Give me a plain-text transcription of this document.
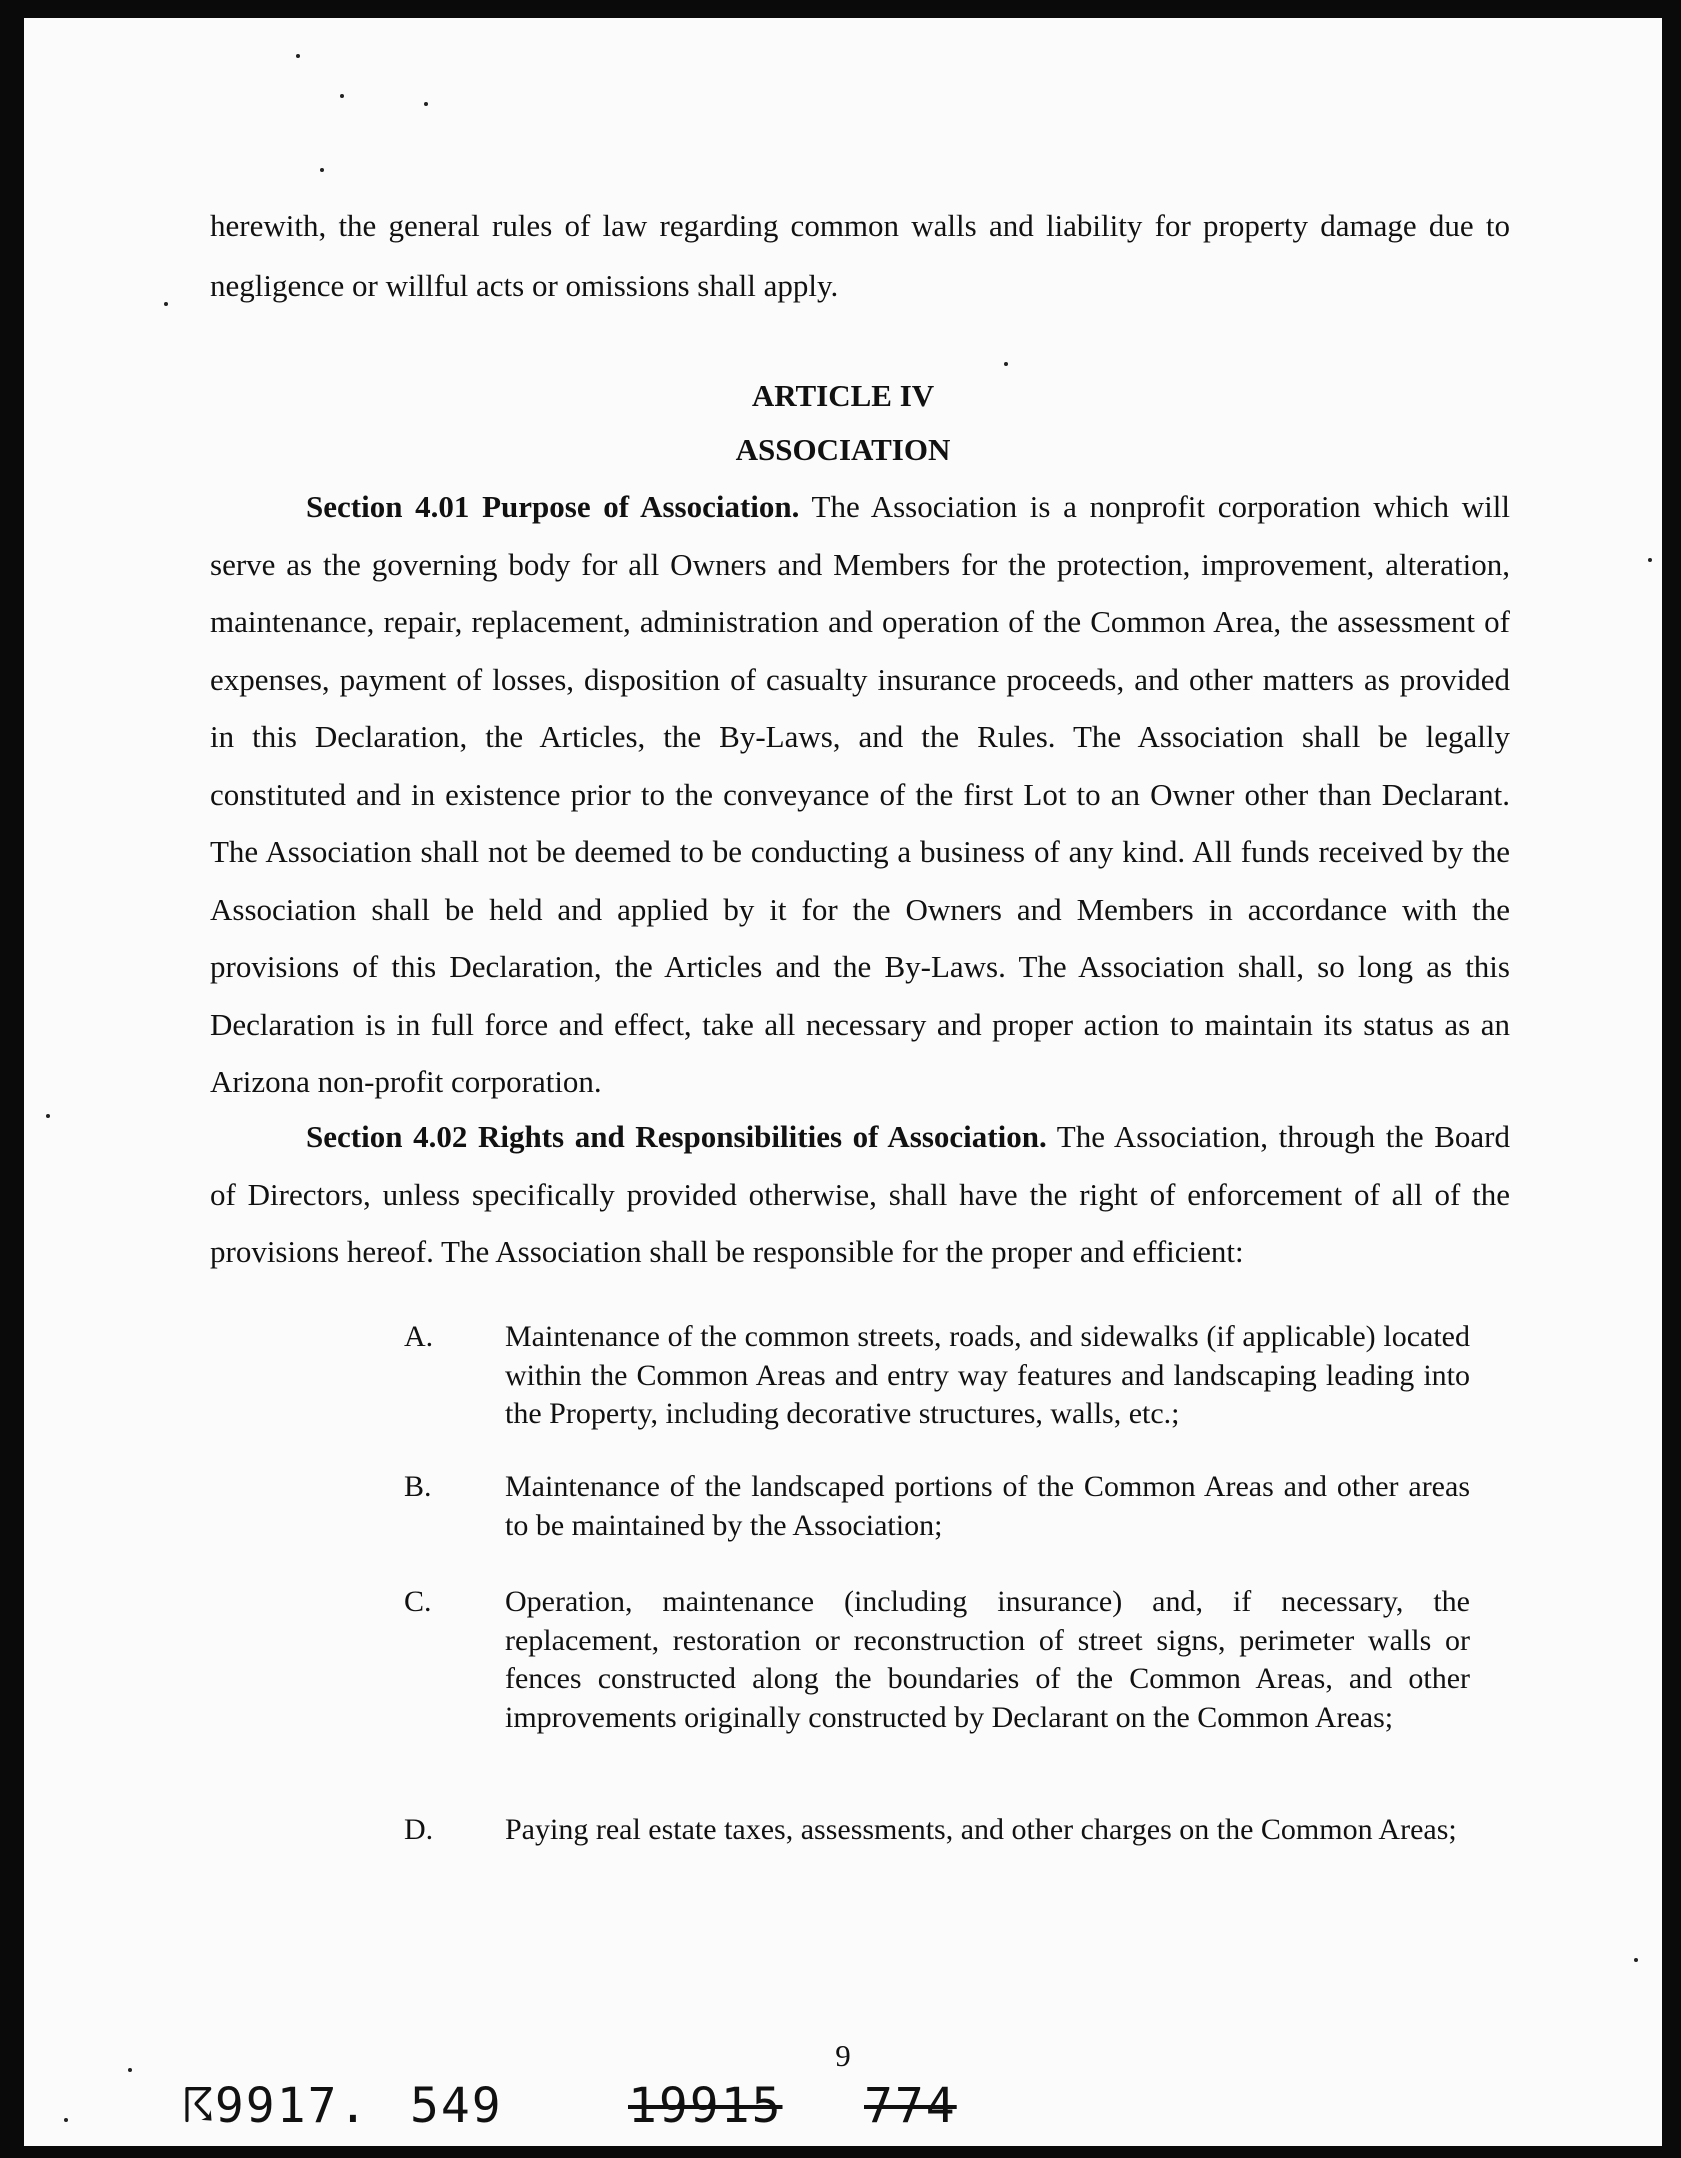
herewith, the general rules of law regarding common walls and liability for property damage due to negligence or willful acts or omissions shall apply.
ARTICLE IV
ASSOCIATION
Section 4.01 Purpose of Association. The Association is a nonprofit corporation which will serve as the governing body for all Owners and Members for the protection, improvement, alteration, maintenance, repair, replacement, administration and operation of the Common Area, the assessment of expenses, payment of losses, disposition of casualty insurance proceeds, and other matters as provided in this Declaration, the Articles, the By-Laws, and the Rules. The Association shall be legally constituted and in existence prior to the conveyance of the first Lot to an Owner other than Declarant. The Association shall not be deemed to be conducting a business of any kind. All funds received by the Association shall be held and applied by it for the Owners and Members in accordance with the provisions of this Declaration, the Articles and the By-Laws. The Association shall, so long as this Declaration is in full force and effect, take all necessary and proper action to maintain its status as an Arizona non-profit corporation.
Section 4.02 Rights and Responsibilities of Association. The Association, through the Board of Directors, unless specifically provided otherwise, shall have the right of enforcement of all of the provisions hereof. The Association shall be responsible for the proper and efficient:
A. Maintenance of the common streets, roads, and sidewalks (if applicable) located within the Common Areas and entry way features and landscaping leading into the Property, including decorative structures, walls, etc.;
B. Maintenance of the landscaped portions of the Common Areas and other areas to be maintained by the Association;
C. Operation, maintenance (including insurance) and, if necessary, the replacement, restoration or reconstruction of street signs, perimeter walls or fences constructed along the boundaries of the Common Areas, and other improvements originally constructed by Declarant on the Common Areas;
D. Paying real estate taxes, assessments, and other charges on the Common Areas;
9
☈9917. 549	19915 774
